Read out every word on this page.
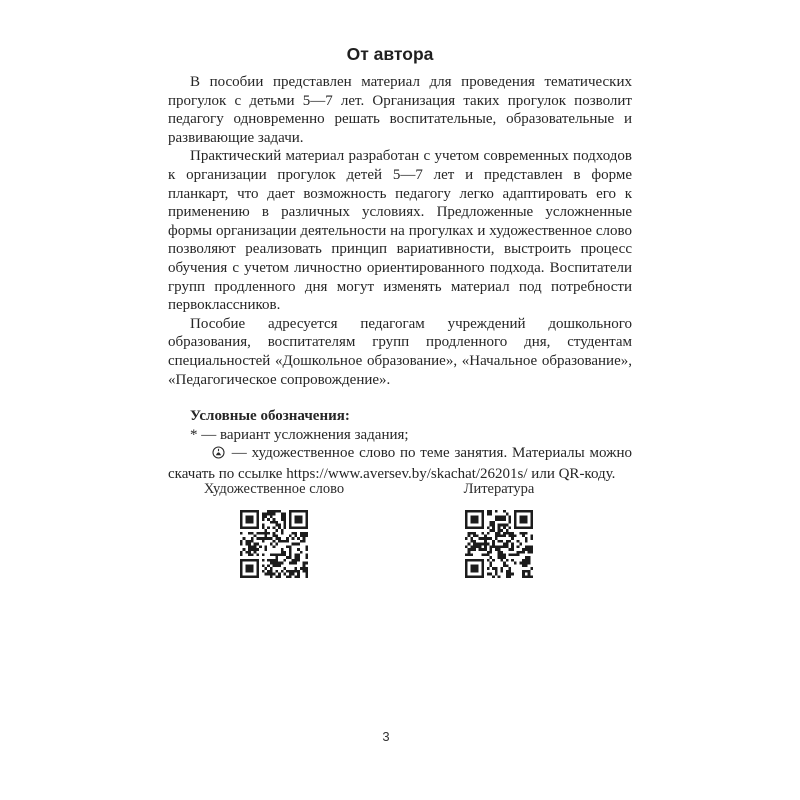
От автора

В пособии представлен материал для проведения тематических прогулок с детьми 5—7 лет. Организация таких прогулок позволит педагогу одновременно решать воспитательные, образовательные и развивающие задачи.

Практический материал разработан с учетом современных подходов к организации прогулок детей 5—7 лет и представлен в форме планкарт, что дает возможность педагогу легко адаптировать его к применению в различных условиях. Предложенные усложненные формы организации деятельности на прогулках и художественное слово позволяют реализовать принцип вариативности, выстроить процесс обучения с учетом личностно ориентированного подхода. Воспитатели групп продленного дня могут изменять материал под потребности первоклассников.

Пособие адресуется педагогам учреждений дошкольного образования, воспитателям групп продленного дня, студентам специальностей «Дошкольное образование», «Начальное образование», «Педагогическое сопровождение».

Условные обозначения:

* — вариант усложнения задания;

— художественное слово по теме занятия. Материалы можно скачать по ссылке https://www.aversev.by/skachat/26201s/ или QR-коду.

Художественное слово	Литература
3
